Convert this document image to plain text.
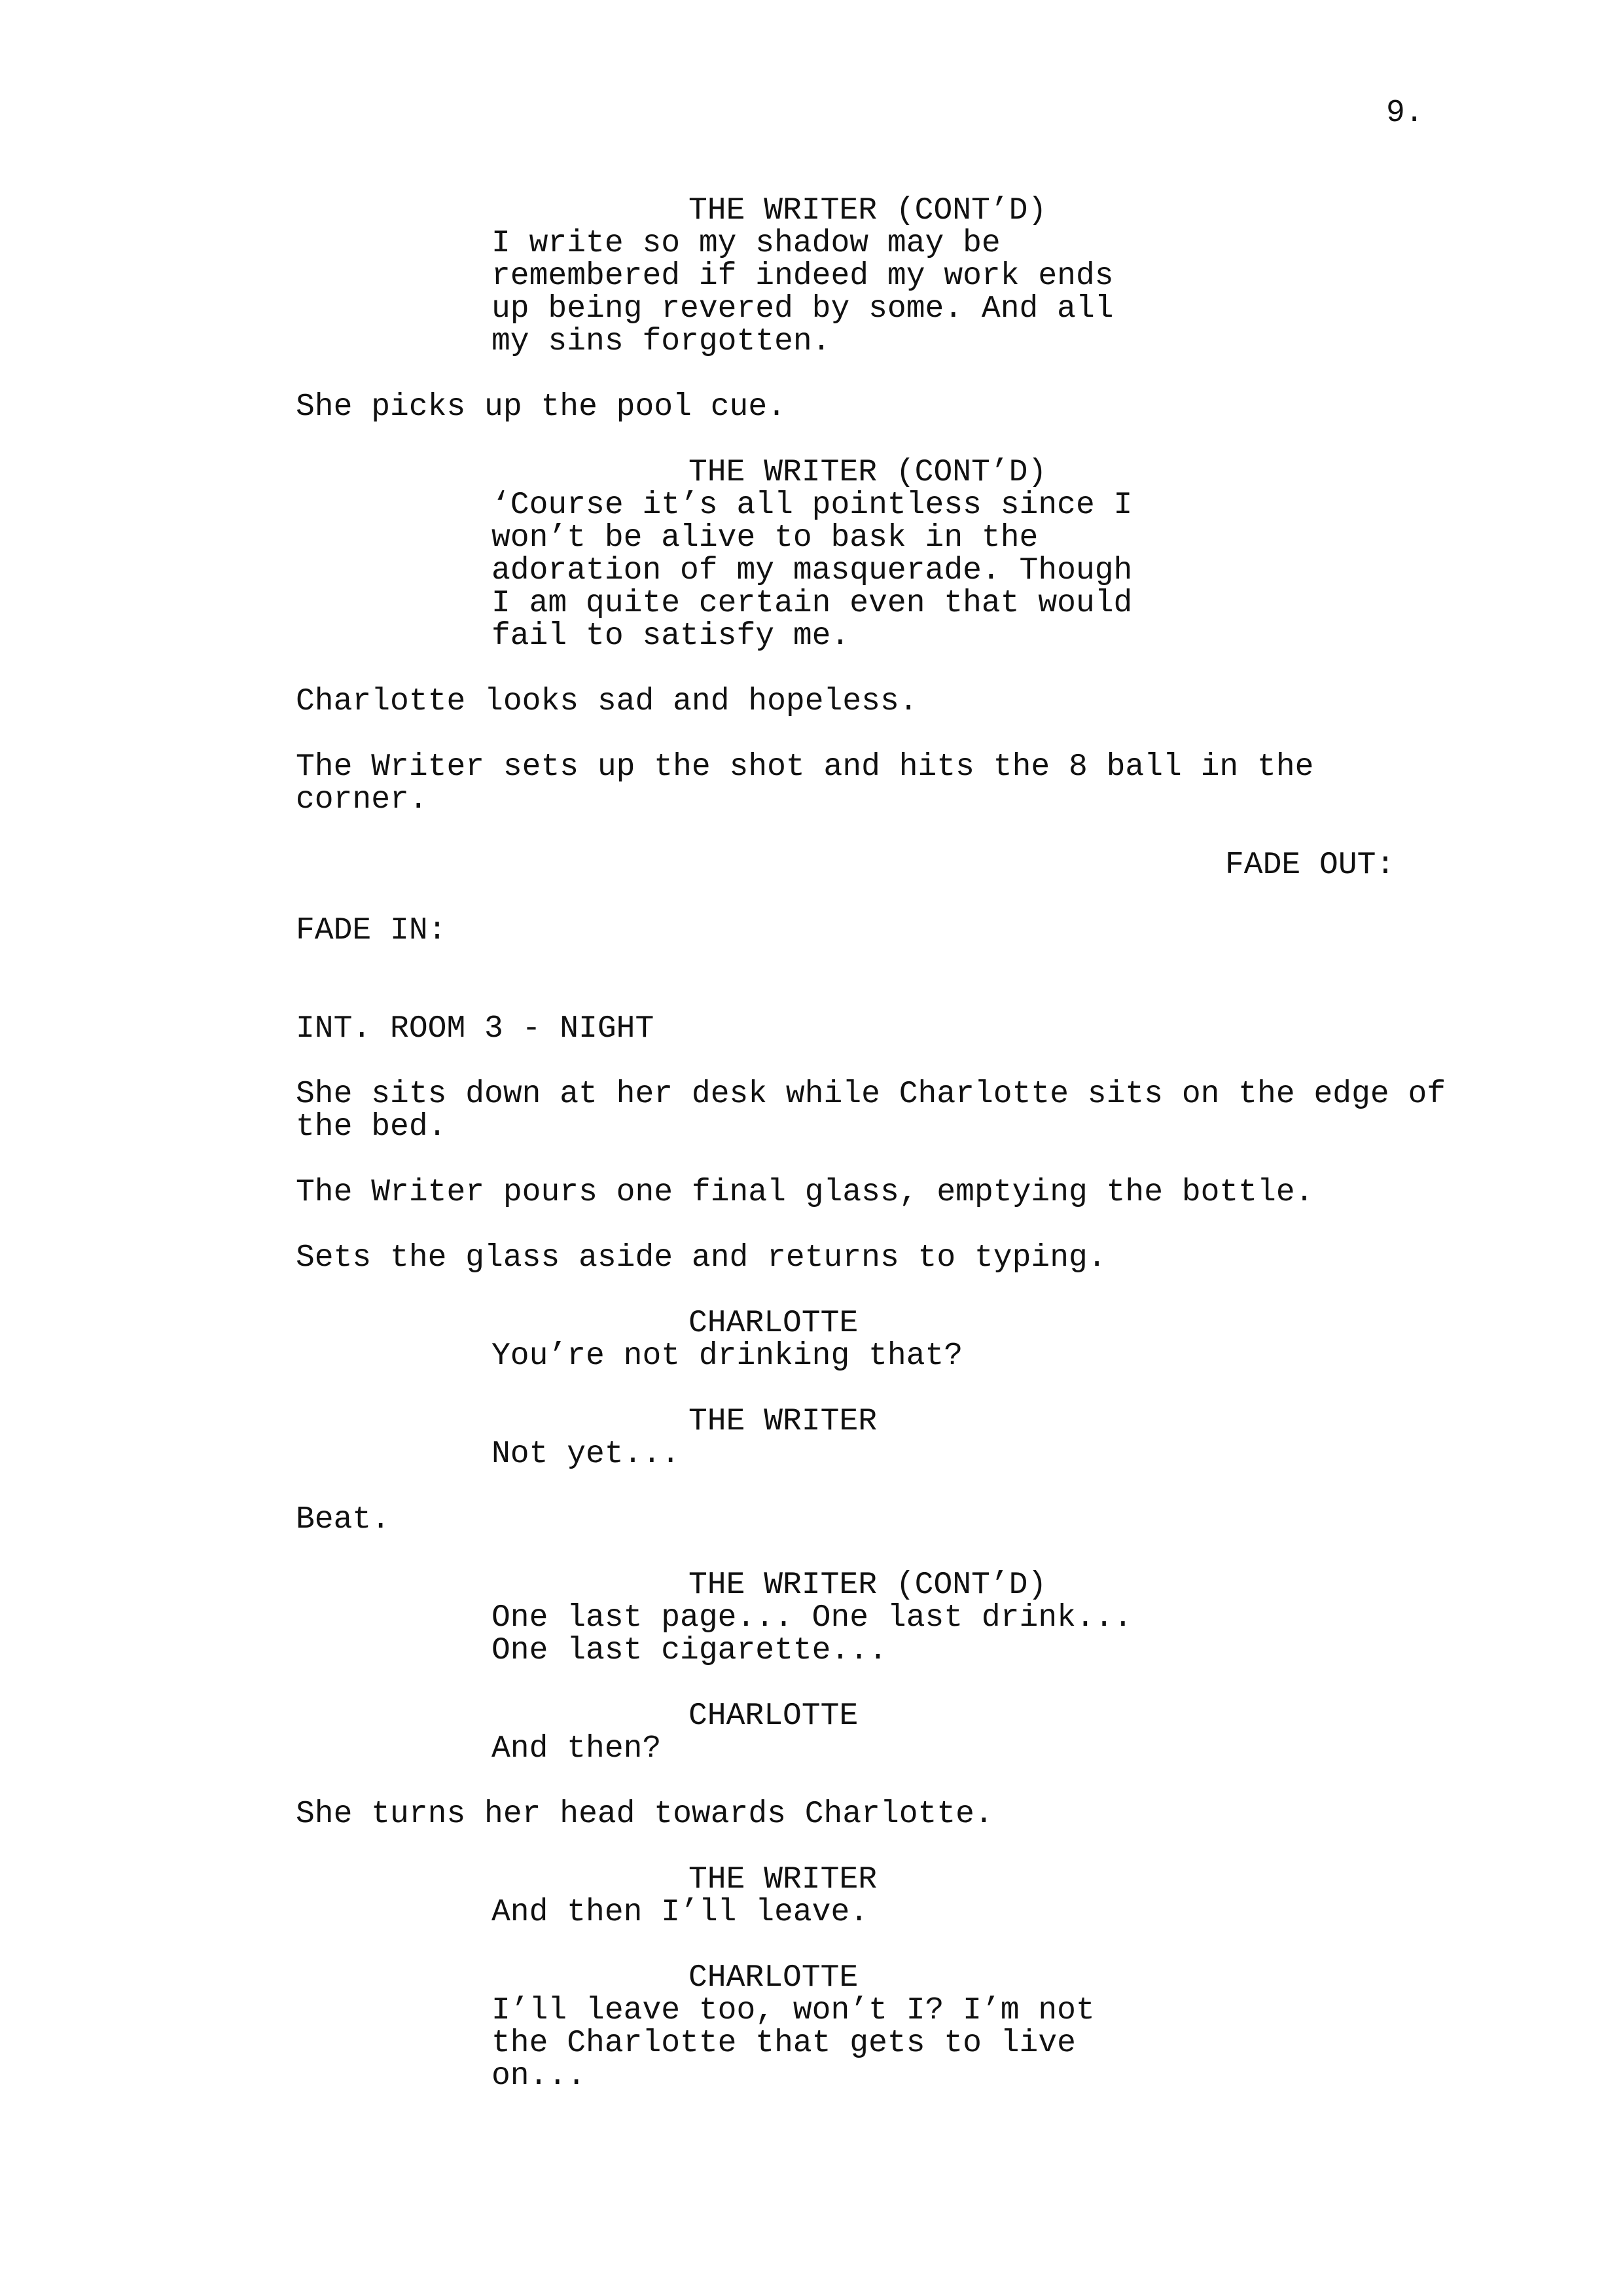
9.
THE WRITER (CONT’D)
I write so my shadow may be
remembered if indeed my work ends
up being revered by some. And all
my sins forgotten.
She picks up the pool cue.
THE WRITER (CONT’D)
‘Course it’s all pointless since I
won’t be alive to bask in the
adoration of my masquerade. Though
I am quite certain even that would
fail to satisfy me.
Charlotte looks sad and hopeless.
The Writer sets up the shot and hits the 8 ball in the
corner.
FADE OUT:
FADE IN:
INT. ROOM 3 - NIGHT
She sits down at her desk while Charlotte sits on the edge of
the bed.
The Writer pours one final glass, emptying the bottle.
Sets the glass aside and returns to typing.
CHARLOTTE
You’re not drinking that?
THE WRITER
Not yet...
Beat.
THE WRITER (CONT’D)
One last page... One last drink...
One last cigarette...
CHARLOTTE
And then?
She turns her head towards Charlotte.
THE WRITER
And then I’ll leave.
CHARLOTTE
I’ll leave too, won’t I? I’m not
the Charlotte that gets to live
on...
